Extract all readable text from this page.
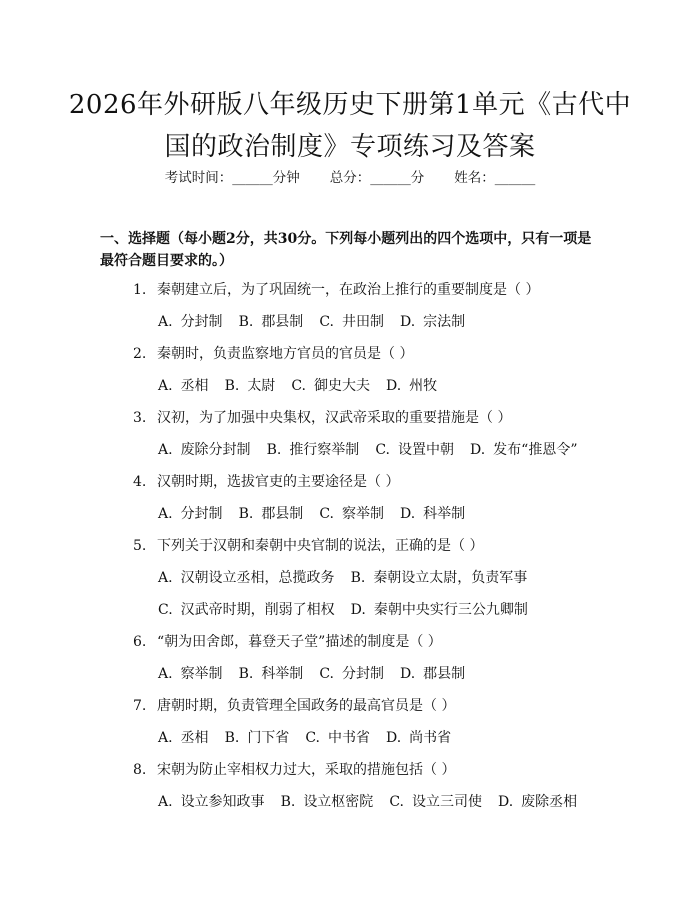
2026年外研版八年级历史下册第1单元《古代中国的政治制度》专项练习及答案
考试时间：______分钟 总分：______分 姓名：______
一、选择题（每小题2分，共30分。下列每小题列出的四个选项中，只有一项是最符合题目要求的。）
1. 秦朝建立后，为了巩固统一，在政治上推行的重要制度是（ ）
A. 分封制 B. 郡县制 C. 井田制 D. 宗法制
2. 秦朝时，负责监察地方官员的官员是（ ）
A. 丞相 B. 太尉 C. 御史大夫 D. 州牧
3. 汉初，为了加强中央集权，汉武帝采取的重要措施是（ ）
A. 废除分封制 B. 推行察举制 C. 设置中朝 D. 发布“推恩令”
4. 汉朝时期，选拔官吏的主要途径是（ ）
A. 分封制 B. 郡县制 C. 察举制 D. 科举制
5. 下列关于汉朝和秦朝中央官制的说法，正确的是（ ）
A. 汉朝设立丞相，总揽政务 B. 秦朝设立太尉，负责军事
C. 汉武帝时期，削弱了相权 D. 秦朝中央实行三公九卿制
6. “朝为田舍郎，暮登天子堂”描述的制度是（ ）
A. 察举制 B. 科举制 C. 分封制 D. 郡县制
7. 唐朝时期，负责管理全国政务的最高官员是（ ）
A. 丞相 B. 门下省 C. 中书省 D. 尚书省
8. 宋朝为防止宰相权力过大，采取的措施包括（ ）
A. 设立参知政事 B. 设立枢密院 C. 设立三司使 D. 废除丞相
